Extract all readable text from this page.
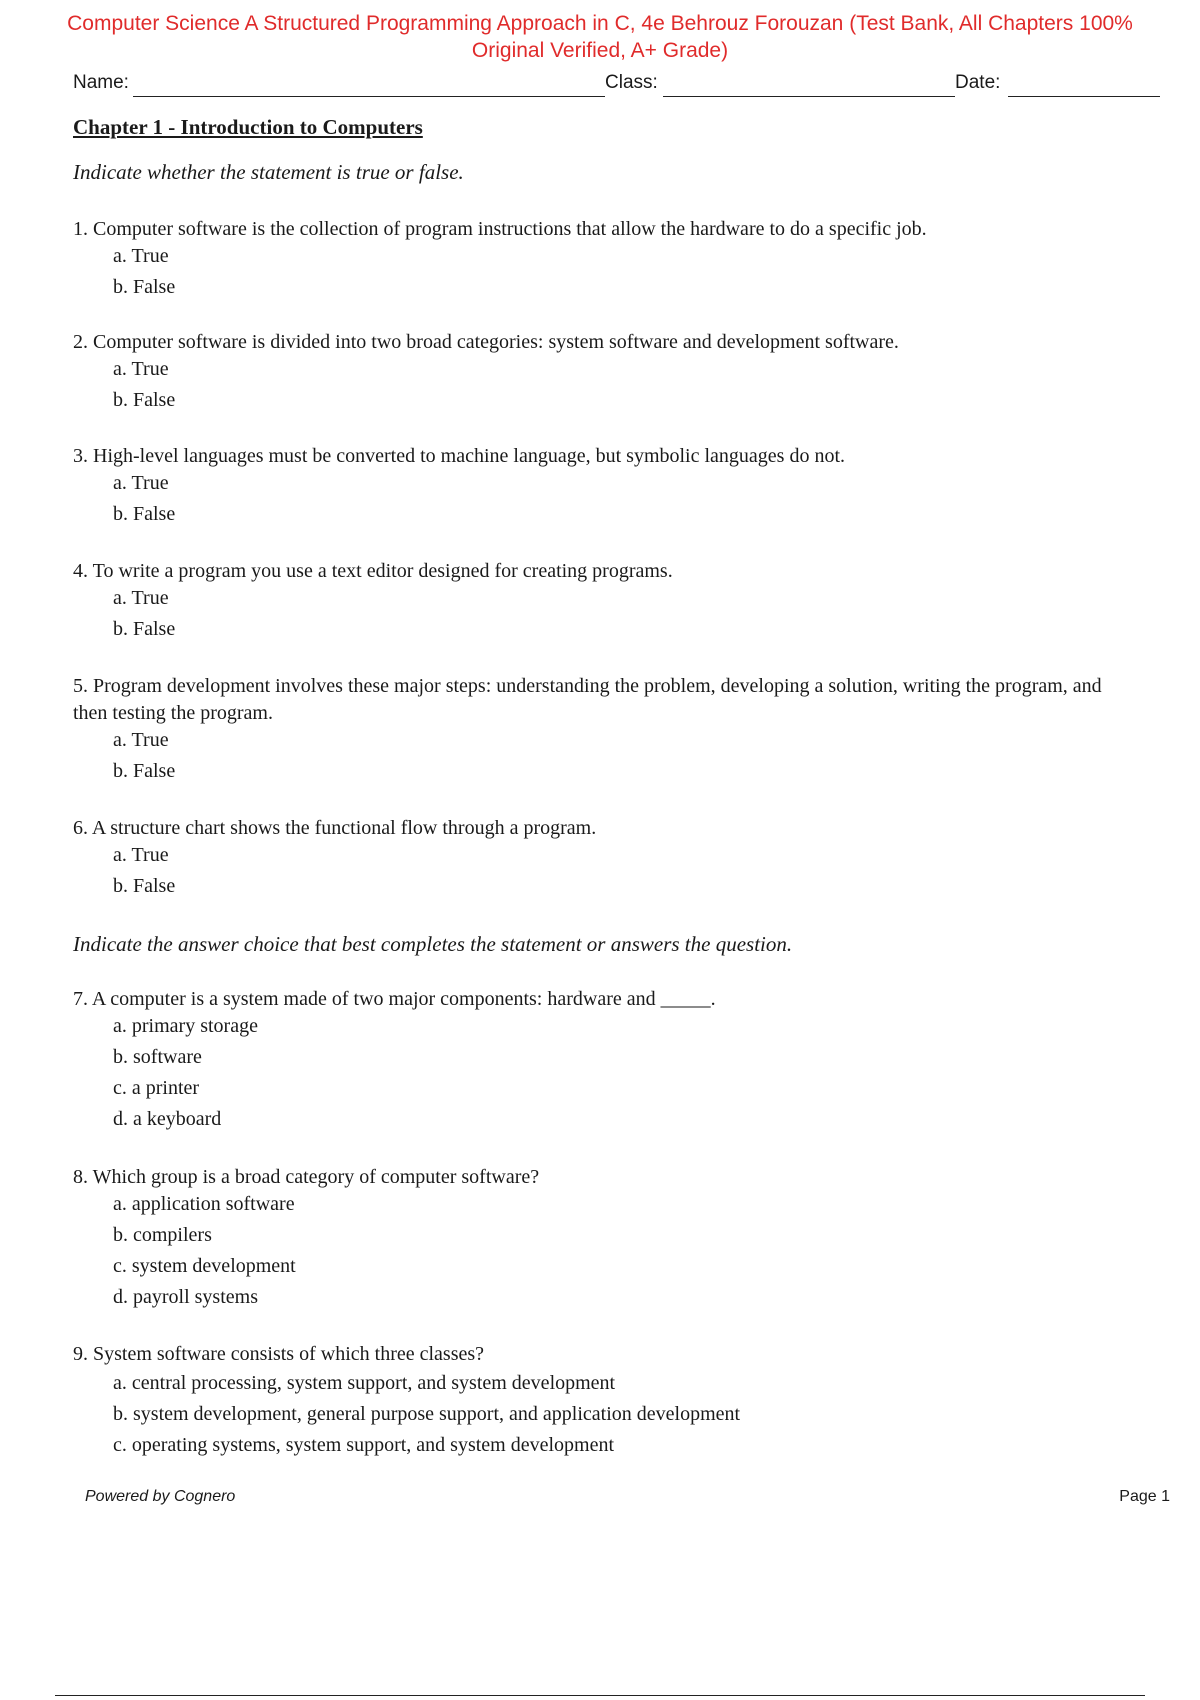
Computer Science A Structured Programming Approach in C, 4e Behrouz Forouzan (Test Bank, All Chapters 100% Original Verified, A+ Grade)
Name:	Class:	Date:
Chapter 1 - Introduction to Computers
Indicate whether the statement is true or false.
1. Computer software is the collection of program instructions that allow the hardware to do a specific job.
a. True
b. False
2. Computer software is divided into two broad categories: system software and development software.
a. True
b. False
3. High-level languages must be converted to machine language, but symbolic languages do not.
a. True
b. False
4. To write a program you use a text editor designed for creating programs.
a. True
b. False
5. Program development involves these major steps: understanding the problem, developing a solution, writing the program, and then testing the program.
a. True
b. False
6. A structure chart shows the functional flow through a program.
a. True
b. False
Indicate the answer choice that best completes the statement or answers the question.
7. A computer is a system made of two major components: hardware and _____.
a. primary storage
b. software
c. a printer
d. a keyboard
8. Which group is a broad category of computer software?
a. application software
b. compilers
c. system development
d. payroll systems
9. System software consists of which three classes?
a. central processing, system support, and system development
b. system development, general purpose support, and application development
c. operating systems, system support, and system development
Powered by Cognero	Page 1
